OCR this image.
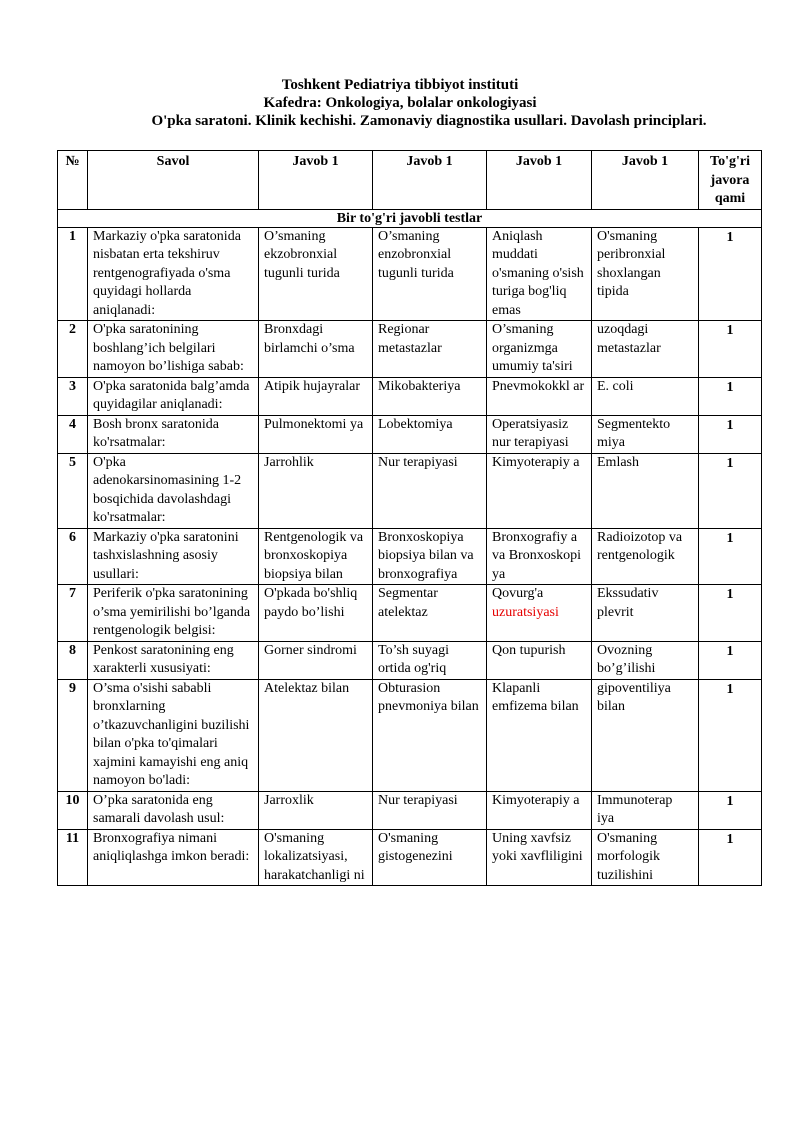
Toshkent Pediatriya tibbiyot instituti
Kafedra: Onkologiya, bolalar onkologiyasi
O'pka saratoni. Klinik kechishi. Zamonaviy diagnostika usullari. Davolash principlari.
№	Savol	Javob 1	Javob 1	Javob 1	Javob 1	To'g'ri javora qami
Bir to'g'ri javobli testlar						
1	Markaziy o'pka saratonida nisbatan erta tekshiruv rentgenografiyada o'sma quyidagi hollarda aniqlanadi:	O’smaning ekzobronxial tugunli turida	O’smaning enzobronxial tugunli turida	Aniqlash muddati o'smaning o'sish turiga bog'liq emas	O'smaning peribronxial shoxlangan tipida	1
2	O'pka saratonining boshlang’ich belgilari namoyon bo’lishiga sabab:	Bronxdagi birlamchi o’sma	Regionar metastazlar	O’smaning organizmga umumiy ta'siri	uzoqdagi metastazlar	1
3	O'pka saratonida balg’amda quyidagilar aniqlanadi:	Atipik hujayralar	Mikobakteriya	Pnevmokokkl ar	E. coli	1
4	Bosh bronx saratonida ko'rsatmalar:	Pulmonektomi ya	Lobektomiya	Operatsiyasiz nur terapiyasi	Segmentekto miya	1
5	O'pka adenokarsinomasining 1-2 bosqichida davolashdagi ko'rsatmalar:	Jarrohlik	Nur terapiyasi	Kimyoterapiy a	Emlash	1
6	Markaziy o'pka saratonini tashxislashning asosiy usullari:	Rentgenologik va bronxoskopiya biopsiya bilan	Bronxoskopiya biopsiya bilan va bronxografiya	Bronxografiy a va Bronxoskopi ya	Radioizotop va rentgenologik	1
7	Periferik o'pka saratonining o’sma yemirilishi bo’lganda rentgenologik belgisi:	O'pkada bo'shliq paydo bo’lishi	Segmentar atelektaz	Qovurg'a uzuratsiyasi	Ekssudativ plevrit	1
8	Penkost saratonining eng xarakterli xususiyati:	Gorner sindromi	To’sh suyagi ortida og'riq	Qon tupurish	Ovozning bo’g’ilishi	1
9	O’sma o'sishi sababli bronxlarning o’tkazuvchanligini buzilishi bilan o'pka to'qimalari xajmini kamayishi eng aniq namoyon bo'ladi:	Atelektaz bilan	Obturasion pnevmoniya bilan	Klapanli emfizema bilan	gipoventiliya bilan	1
10	O’pka saratonida eng samarali davolash usul:	Jarroxlik	Nur terapiyasi	Kimyoterapiy a	Immunoterap iya	1
11	Bronxografiya nimani aniqliqlashga imkon beradi:	O'smaning lokalizatsiyasi, harakatchanligi ni	O'smaning gistogenezini	Uning xavfsiz yoki xavfliligini	O'smaning morfologik tuzilishini	1
